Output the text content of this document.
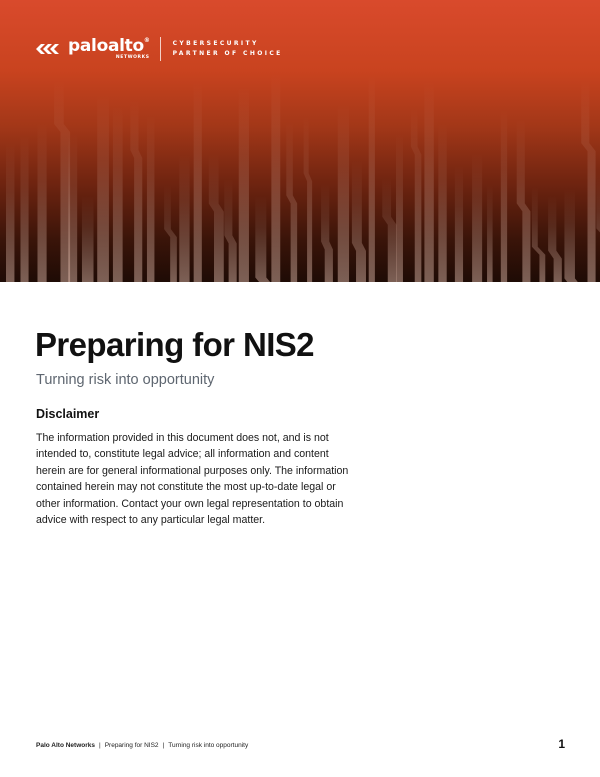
paloalto®
NETWORKS
CYBERSECURITY
PARTNER OF CHOICE
Preparing for NIS2

Turning risk into opportunity

Disclaimer

The information provided in this document does not, and is not
intended to, constitute legal advice; all information and content
herein are for general informational purposes only. The information
contained herein may not constitute the most up-to-date legal or
other information. Contact your own legal representation to obtain
advice with respect to any particular legal matter.

Palo Alto Networks | Preparing for NIS2 | Turning risk into opportunity	1
